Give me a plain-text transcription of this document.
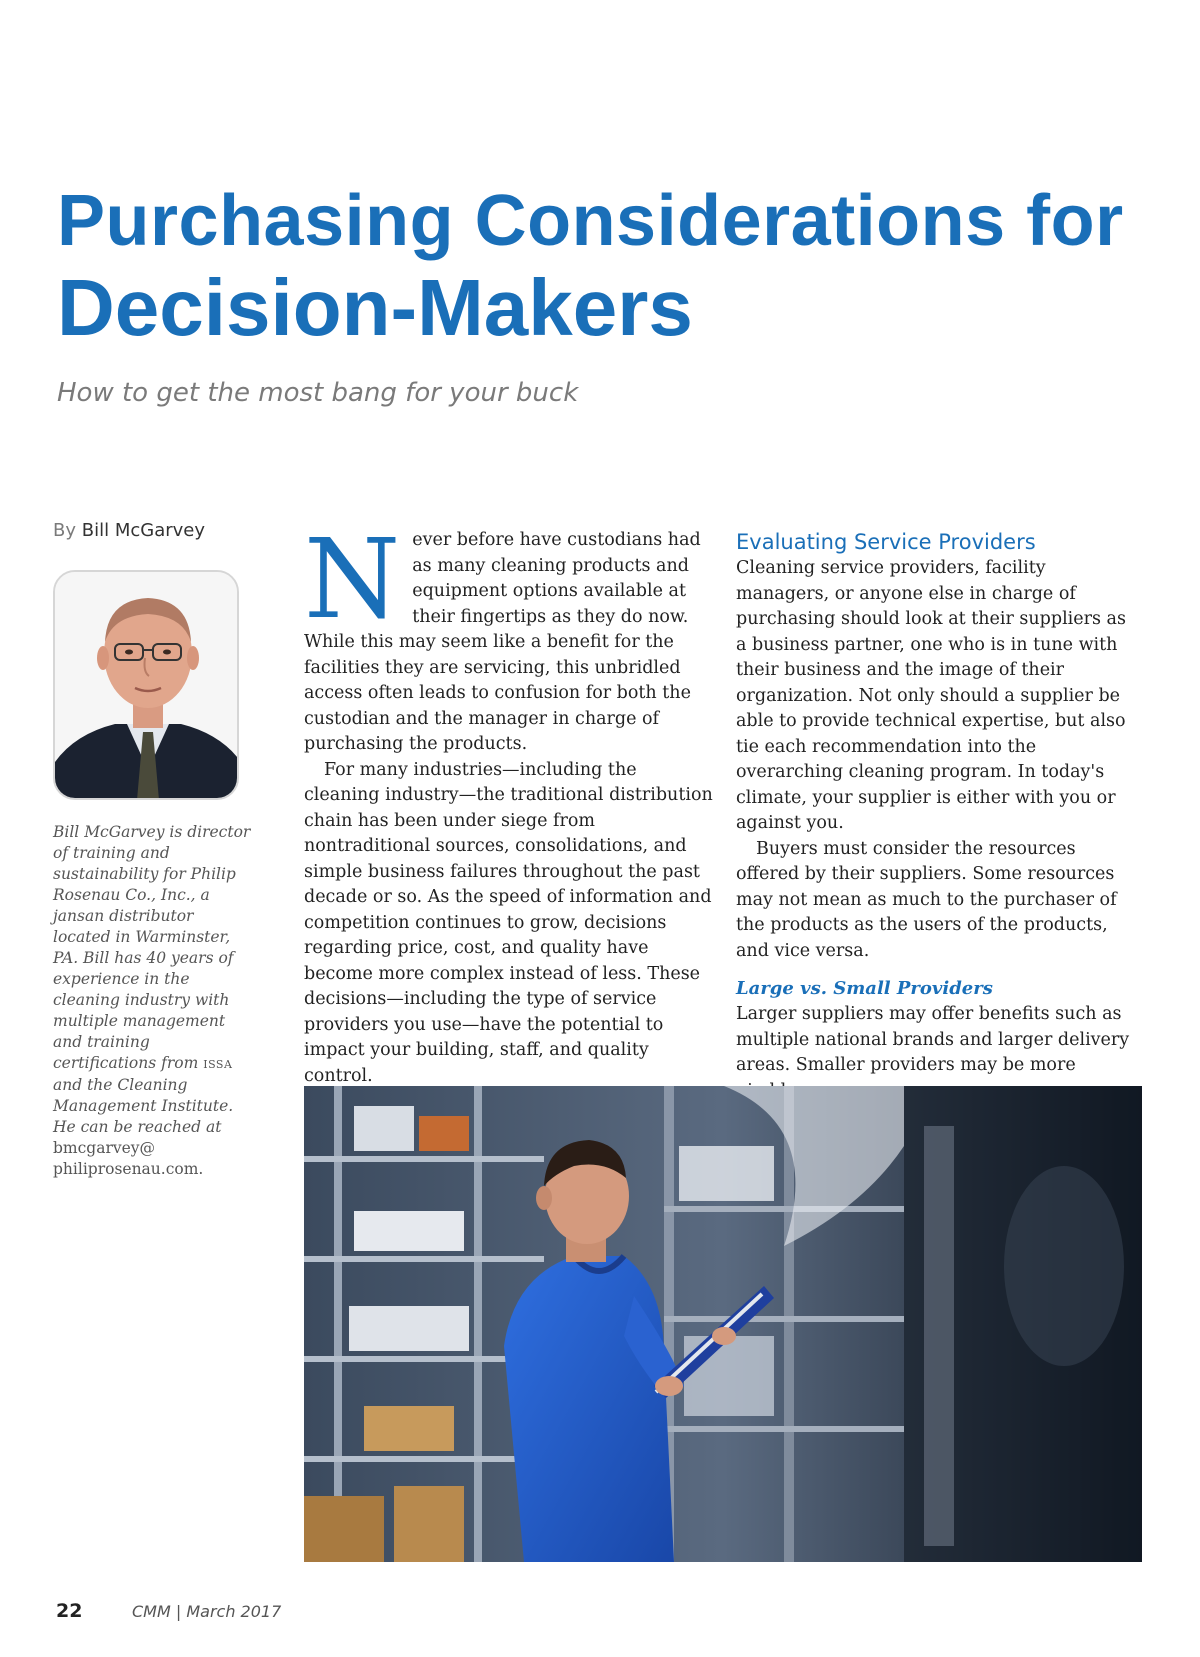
Purchasing Considerations for
Decision-Makers
How to get the most bang for your buck
By Bill McGarvey
Bill McGarvey is director of training and sustainability for Philip Rosenau Co., Inc., a jansan distributor located in Warminster, PA. Bill has 40 years of experience in the cleaning industry with multiple management and training certifications from ISSA and the Cleaning Management Institute. He can be reached at bmcgarvey@ philiprosenau.com.
N ever before have custodians had as many cleaning products and equipment options available at their fingertips as they do now. While this may seem like a benefit for the facilities they are servicing, this unbridled access often leads to confusion for both the custodian and the manager in charge of purchasing the products.

For many industries—including the cleaning industry—the traditional distribution chain has been under siege from nontraditional sources, consolidations, and simple business failures throughout the past decade or so. As the speed of information and competition continues to grow, decisions regarding price, cost, and quality have become more complex instead of less. These decisions—including the type of service providers you use—have the potential to impact your building, staff, and quality control.

Evaluating Service Providers

Cleaning service providers, facility managers, or anyone else in charge of purchasing should look at their suppliers as a business partner, one who is in tune with their business and the image of their organization. Not only should a supplier be able to provide technical expertise, but also tie each recommendation into the overarching cleaning program. In today's climate, your supplier is either with you or against you.

Buyers must consider the resources offered by their suppliers. Some resources may not mean as much to the purchaser of the products as the users of the products, and vice versa.

Large vs. Small Providers

Larger suppliers may offer benefits such as multiple national brands and larger delivery areas. Smaller providers may be more

22	CMM | March 2017
